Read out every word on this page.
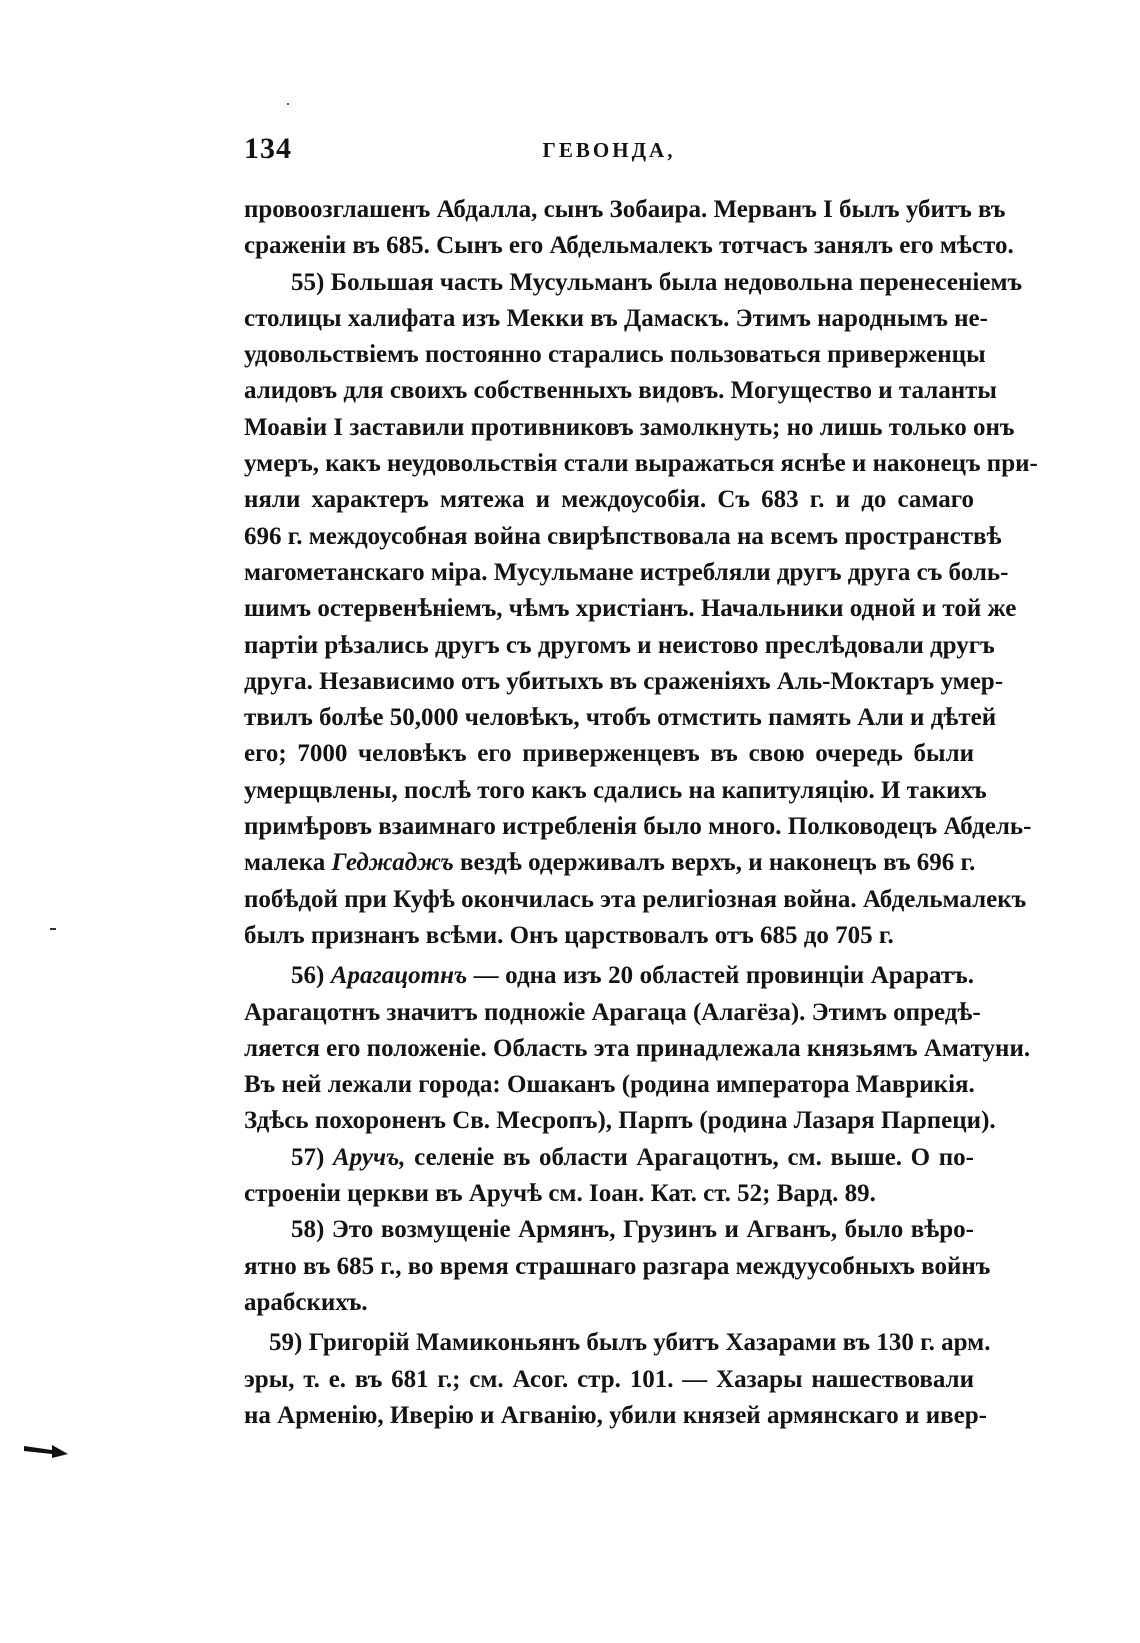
134	ГЕВОНДА,
провоозглашенъ Абдалла, сынъ Зобаира. Мерванъ I былъ убитъ въ
сраженіи въ 685. Сынъ его Абдельмалекъ тотчасъ занялъ его мѣсто.
55) Большая часть Мусульманъ была недовольна перенесеніемъ
столицы халифата изъ Мекки въ Дамаскъ. Этимъ народнымъ не-
удовольствіемъ постоянно старались пользоваться приверженцы
алидовъ для своихъ собственныхъ видовъ. Могущество и таланты
Моавіи I заставили противниковъ замолкнуть; но лишь только онъ
умеръ, какъ неудовольствія стали выражаться яснѣе и наконецъ при-
няли характеръ мятежа и междоусобія. Съ 683 г. и до самаго
696 г. междоусобная война свирѣпствовала на всемъ пространствѣ
магометанскаго міра. Мусульмане истребляли другъ друга съ боль-
шимъ остервенѣніемъ, чѣмъ христіанъ. Начальники одной и той же
партіи рѣзались другъ съ другомъ и неистово преслѣдовали другъ
друга. Независимо отъ убитыхъ въ сраженіяхъ Аль-Моктаръ умер-
твилъ болѣе 50,000 человѣкъ, чтобъ отмстить память Али и дѣтей
его; 7000 человѣкъ его приверженцевъ въ свою очередь были
умерщвлены, послѣ того какъ сдались на капитуляцію. И такихъ
примѣровъ взаимнаго истребленія было много. Полководецъ Абдель-
малека Геджаджъ вездѣ одерживалъ верхъ, и наконецъ въ 696 г.
побѣдой при Куфѣ окончилась эта религіозная война. Абдельмалекъ
былъ признанъ всѣми. Онъ царствовалъ отъ 685 до 705 г.
56) Арагацотнъ — одна изъ 20 областей провинціи Араратъ.
Арагацотнъ значитъ подножіе Арагаца (Алагёза). Этимъ опредѣ-
ляется его положеніе. Область эта принадлежала князьямъ Аматуни.
Въ ней лежали города: Ошаканъ (родина императора Маврикія.
Здѣсь похороненъ Св. Месропъ), Парпъ (родина Лазаря Парпеци).
57) Аручъ, селеніе въ области Арагацотнъ, см. выше. О по-
строеніи церкви въ Аручѣ см. Іоан. Кат. ст. 52; Вард. 89.
58) Это возмущеніе Армянъ, Грузинъ и Агванъ, было вѣро-
ятно въ 685 г., во время страшнаго разгара междуусобныхъ войнъ
арабскихъ.
59) Григорій Мамиконьянъ былъ убитъ Хазарами въ 130 г. арм.
эры, т. е. въ 681 г.; см. Асог. стр. 101. — Хазары нашествовали
на Арменію, Иверію и Агванію, убили князей армянскаго и ивер-
